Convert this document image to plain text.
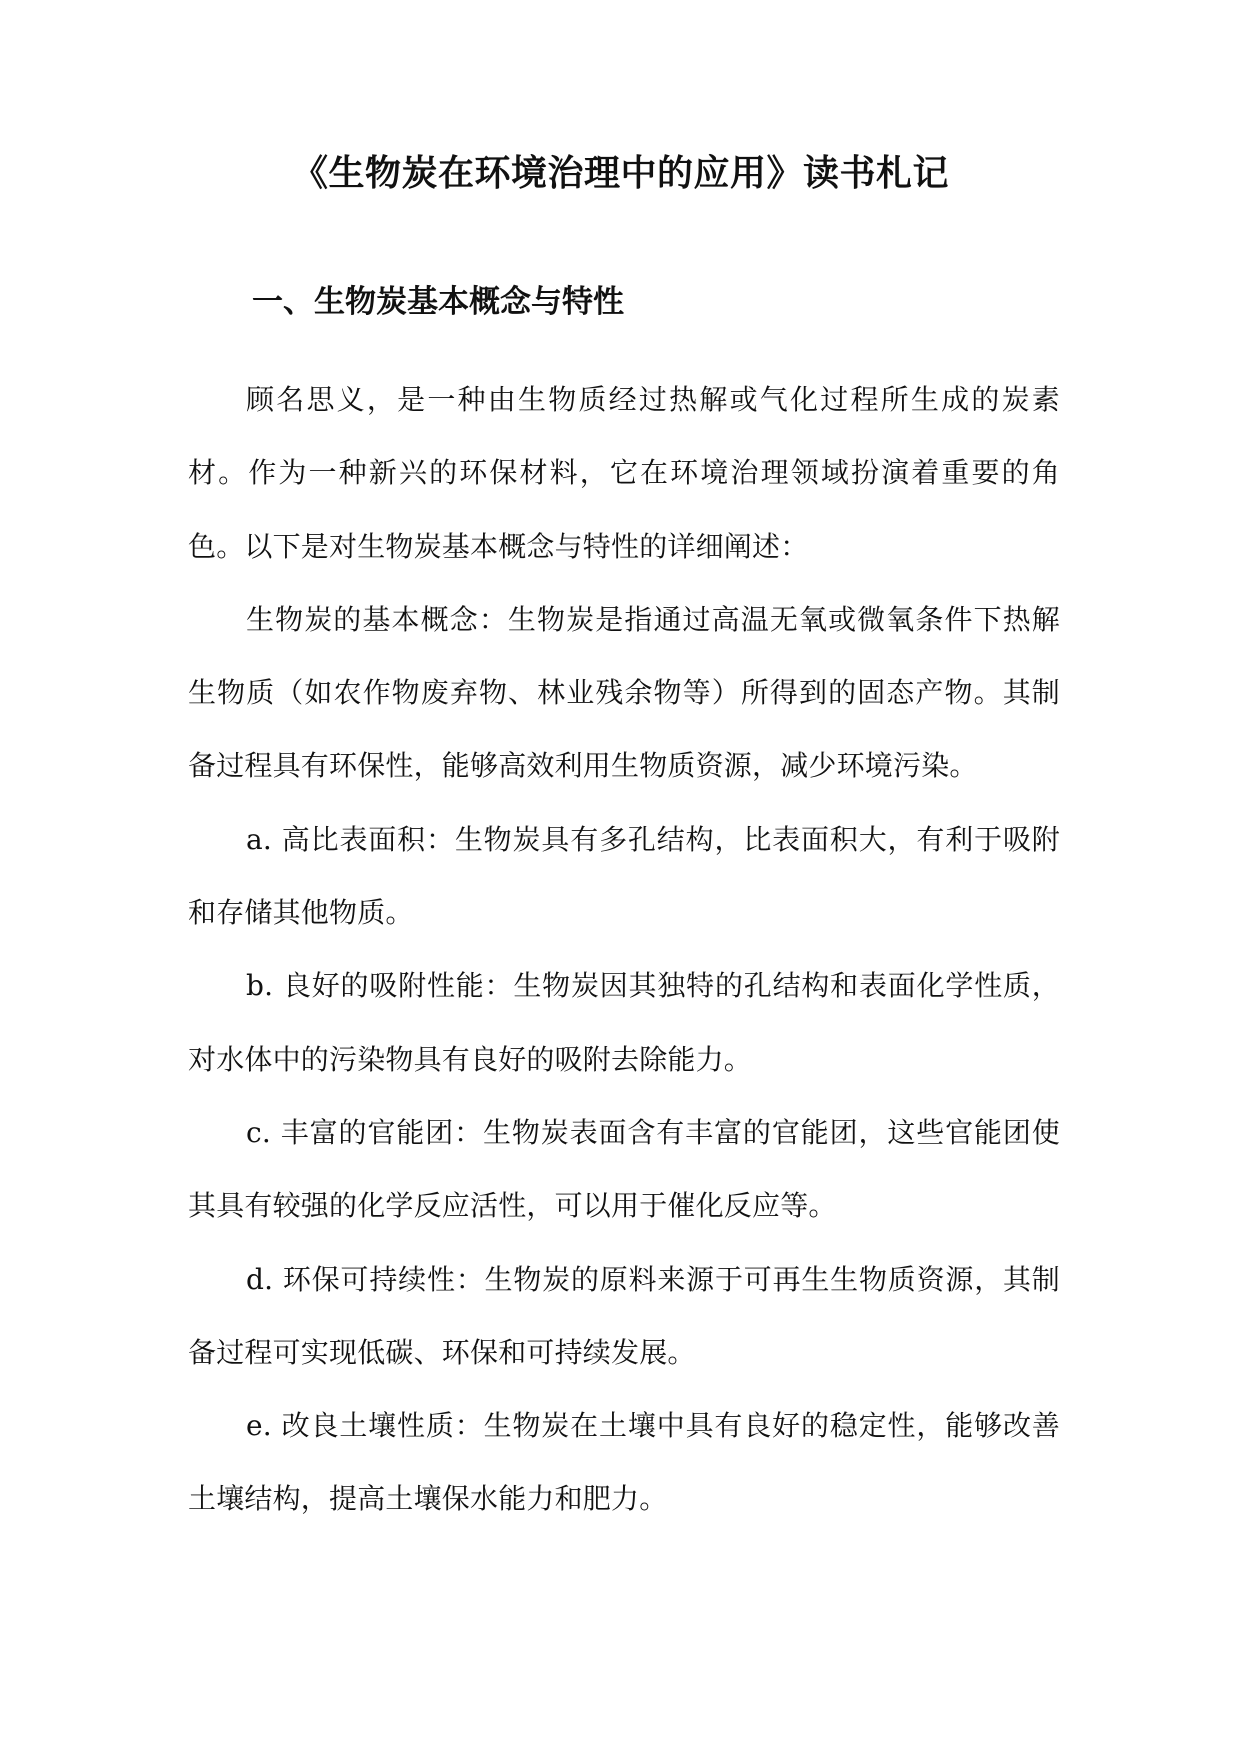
《生物炭在环境治理中的应用》读书札记
一、生物炭基本概念与特性

顾名思义，是一种由生物质经过热解或气化过程所生成的炭素材。作为一种新兴的环保材料，它在环境治理领域扮演着重要的角色。以下是对生物炭基本概念与特性的详细阐述：

生物炭的基本概念：生物炭是指通过高温无氧或微氧条件下热解生物质（如农作物废弃物、林业残余物等）所得到的固态产物。其制备过程具有环保性，能够高效利用生物质资源，减少环境污染。

a. 高比表面积：生物炭具有多孔结构，比表面积大，有利于吸附和存储其他物质。

b. 良好的吸附性能：生物炭因其独特的孔结构和表面化学性质，对水体中的污染物具有良好的吸附去除能力。

c. 丰富的官能团：生物炭表面含有丰富的官能团，这些官能团使其具有较强的化学反应活性，可以用于催化反应等。

d. 环保可持续性：生物炭的原料来源于可再生生物质资源，其制备过程可实现低碳、环保和可持续发展。

e. 改良土壤性质：生物炭在土壤中具有良好的稳定性，能够改善土壤结构，提高土壤保水能力和肥力。
